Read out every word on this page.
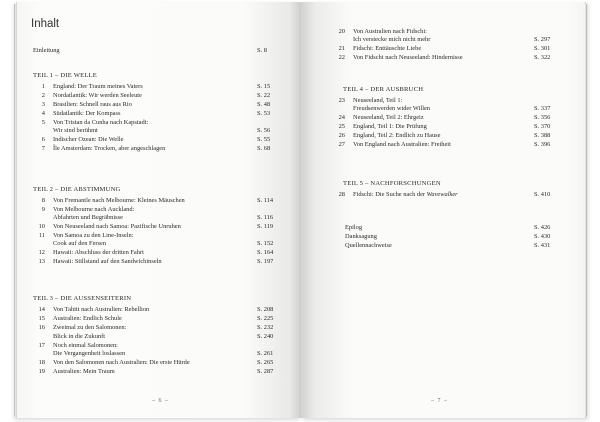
Inhalt
– 6 –
Einleitung	S. 8
TEIL 1 – DIE WELLE
1 England: Der Traum meines Vaters	S. 15
2 Nordatlantik: Wir werden Seeleute	S. 22
3 Brasilien: Schnell raus aus Rio	S. 48
4 Südatlantik: Der Kompass	S. 53
5 Von Tristan da Cunha nach Kapstadt:
Wir sind berühmt	S. 56
6 Indischer Ozean: Die Welle	S. 55
7 Île Amsterdam: Trocken, aber angeschlagen	S. 68
TEIL 2 – DIE ABSTIMMUNG
8 Von Fremantle nach Melbourne: Kleines Mäuschen	S. 114
9 Von Melbourne nach Auckland:
Abfahrten und Begräbnisse	S. 116
10 Von Neuseeland nach Samoa: Pazifische Unruhen	S. 119
11 Von Samoa zu den Line-Inseln:
Cook auf den Fersen	S. 152
12 Hawaii: Abschluss der dritten Fahrt	S. 164
13 Hawaii: Stillstand auf den Sandwichinseln	S. 197
TEIL 3 – DIE AUSSENSEITERIN
14 Von Tahiti nach Australien: Rebellion	S. 208
15 Australien: Endlich Schule	S. 225
16 Zweimal zu den Salomonen:	S. 232
Blick in die Zukunft	S. 240
17 Noch einmal Salomonen:
Die Vergangenheit loslassen	S. 261
18 Von den Salomonen nach Australien: Die erste Hürde	S. 265
19 Australien: Mein Traum	S. 287
– 7 –
20 Von Australien nach Fidschi:
Ich verstecke mich nicht mehr	S. 297
21 Fidschi: Enttäuschte Liebe	S. 301
22 Von Fidschi nach Neuseeland: Hindernisse	S. 322
TEIL 4 – DER AUSBRUCH
23 Neuseeland, Teil 1:
Freudsenwerden wider Willen	S. 337
24 Neuseeland, Teil 2: Ehrgeiz	S. 356
25 England, Teil 1: Die Prüfung	S. 370
26 England, Teil 2: Endlich zu Hause	S. 388
27 Von England nach Australien: Freiheit	S. 396
TEIL 5 – NACHFORSCHUNGEN
28 Fidschi: Die Suche nach der Wavewalker	S. 410
Epilog	S. 426
Danksagung	S. 430
Quellennachweise	S. 431
